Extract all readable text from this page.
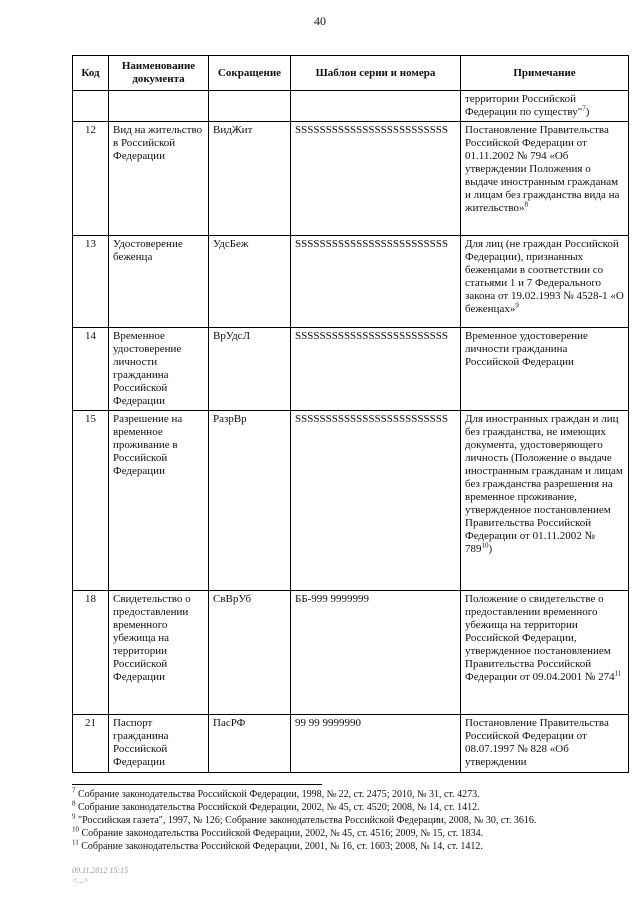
40
Код	Наименование документа	Сокращение	Шаблон серии и номера	Примечание
				территории Российской Федерации по существу"$^7$)
12	Вид на жительство в Российской Федерации	ВидЖит	SSSSSSSSSSSSSSSSSSSSSSSSS	Постановление Правительства Российской Федерации от 01.11.2002 № 794 «Об утверждении Положения о выдаче иностранным гражданам и лицам без гражданства вида на жительство»$^8$
13	Удостоверение беженца	УдсБеж	SSSSSSSSSSSSSSSSSSSSSSSSS	Для лиц (не граждан Российской Федерации), признанных беженцами в соответствии со статьями 1 и 7 Федерального закона от 19.02.1993 № 4528-1 «О беженцах»$^9$
14	Временное удостоверение личности гражданина Российской Федерации	ВрУдсЛ	SSSSSSSSSSSSSSSSSSSSSSSSS	Временное удостоверение личности гражданина Российской Федерации
15	Разрешение на временное проживание в Российской Федерации	РазрВр	SSSSSSSSSSSSSSSSSSSSSSSSS	Для иностранных граждан и лиц без гражданства, не имеющих документа, удостоверяющего личность (Положение о выдаче иностранным гражданам и лицам без гражданства разрешения на временное проживание, утвержденное постановлением Правительства Российской Федерации от 01.11.2002 № $789^{10}$)
18	Свидетельство о предоставлении временного убежища на территории Российской Федерации	СвВрУб	ББ-999 9999999	Положение о свидетельстве о предоставлении временного убежища на территории Российской Федерации, утвержденное постановлением Правительства Российской Федерации от 09.04.2001 № $274^{11}$
21	Паспорт гражданина Российской Федерации	ПасРФ	99 99 9999990	Постановление Правительства Российской Федерации от 08.07.1997 № 828 «Об утверждении
$^7$ Собрание законодательства Российской Федерации, 1998, № 22, ст. 2475; 2010, № 31, ст. 4273.
$^8$ Собрание законодательства Российской Федерации, 2002, № 45, ст. 4520; 2008, № 14, ст. 1412.
$^9$ "Российская газета", 1997, № 126; Собрание законодательства Российской Федерации, 2008, № 30, ст. 3616.
$^{10}$ Собрание законодательства Российской Федерации, 2002, № 45, ст. 4516; 2009, № 15, ст. 1834.
$^{11}$ Собрание законодательства Российской Федерации, 2001, № 16, ст. 1603; 2008, № 14, ст. 1412.
09.11.2012 15:15
<...>
